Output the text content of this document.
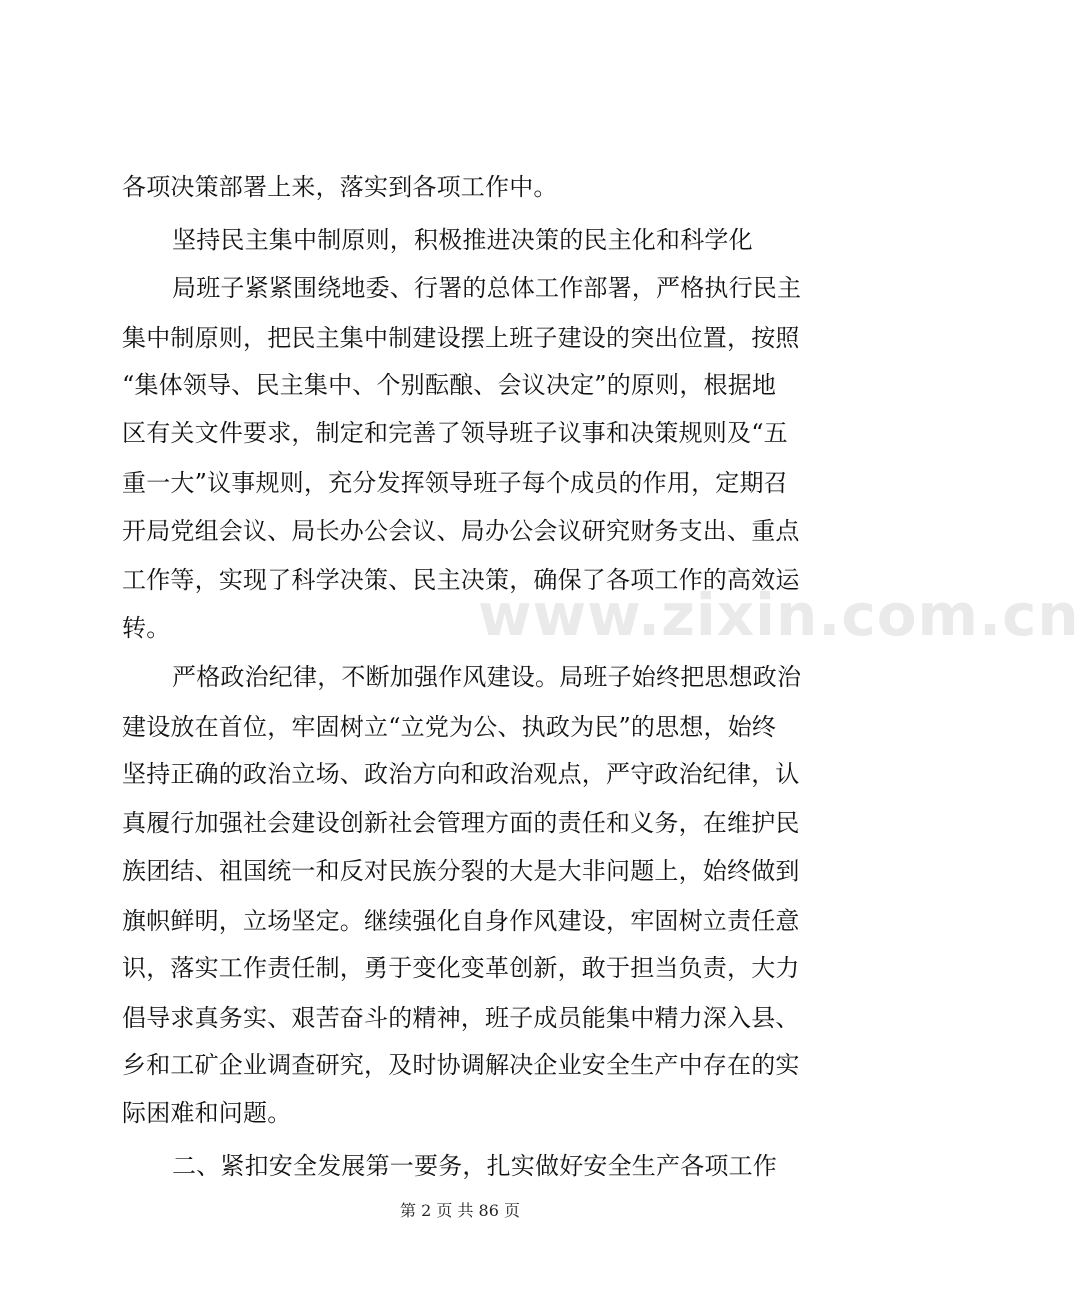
www.zixin.com.cn
各项决策部署上来，落实到各项工作中。
坚持民主集中制原则，积极推进决策的民主化和科学化
局班子紧紧围绕地委、行署的总体工作部署，严格执行民主
集中制原则，把民主集中制建设摆上班子建设的突出位置，按照
“集体领导、民主集中、个别酝酿、会议决定”的原则，根据地
区有关文件要求，制定和完善了领导班子议事和决策规则及“五
重一大”议事规则，充分发挥领导班子每个成员的作用，定期召
开局党组会议、局长办公会议、局办公会议研究财务支出、重点
工作等，实现了科学决策、民主决策，确保了各项工作的高效运
转。
严格政治纪律，不断加强作风建设。局班子始终把思想政治
建设放在首位，牢固树立“立党为公、执政为民”的思想，始终
坚持正确的政治立场、政治方向和政治观点，严守政治纪律，认
真履行加强社会建设创新社会管理方面的责任和义务，在维护民
族团结、祖国统一和反对民族分裂的大是大非问题上，始终做到
旗帜鲜明，立场坚定。继续强化自身作风建设，牢固树立责任意
识，落实工作责任制，勇于变化变革创新，敢于担当负责，大力
倡导求真务实、艰苦奋斗的精神，班子成员能集中精力深入县、
乡和工矿企业调查研究，及时协调解决企业安全生产中存在的实
际困难和问题。
二、紧扣安全发展第一要务，扎实做好安全生产各项工作
第 2 页 共 86 页
